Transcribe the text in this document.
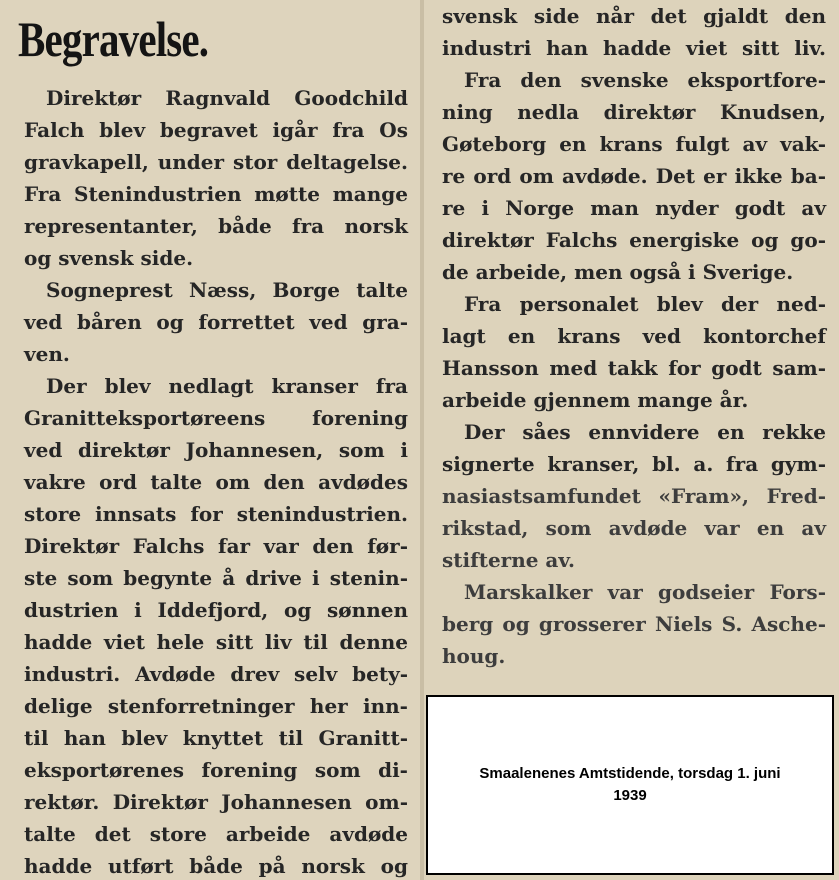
Begravelse.
Direktør Ragnvald Goodchild
Falch blev begravet igår fra Os
gravkapell, under stor deltagelse.
Fra Stenindustrien møtte mange
representanter, både fra norsk
og svensk side.
Sogneprest Næss, Borge talte
ved båren og forrettet ved gra-
ven.
Der blev nedlagt kranser fra
Granitteksportøreens forening
ved direktør Johannesen, som i
vakre ord talte om den avdødes
store innsats for stenindustrien.
Direktør Falchs far var den før-
ste som begynte å drive i stenin-
dustrien i Iddefjord, og sønnen
hadde viet hele sitt liv til denne
industri. Avdøde drev selv bety-
delige stenforretninger her inn-
til han blev knyttet til Granitt-
eksportørenes forening som di-
rektør. Direktør Johannesen om-
talte det store arbeide avdøde
hadde utført både på norsk og
svensk side når det gjaldt den
industri han hadde viet sitt liv.
Fra den svenske eksportfore-
ning nedla direktør Knudsen,
Gøteborg en krans fulgt av vak-
re ord om avdøde. Det er ikke ba-
re i Norge man nyder godt av
direktør Falchs energiske og go-
de arbeide, men også i Sverige.
Fra personalet blev der ned-
lagt en krans ved kontorchef
Hansson med takk for godt sam-
arbeide gjennem mange år.
Der såes ennvidere en rekke
signerte kranser, bl. a. fra gym-
nasiastsamfundet «Fram», Fred-
rikstad, som avdøde var en av
stifterne av.
Marskalker var godseier Fors-
berg og grosserer Niels S. Asche-
houg.
Smaalenenes Amtstidende, torsdag 1. juni
1939
